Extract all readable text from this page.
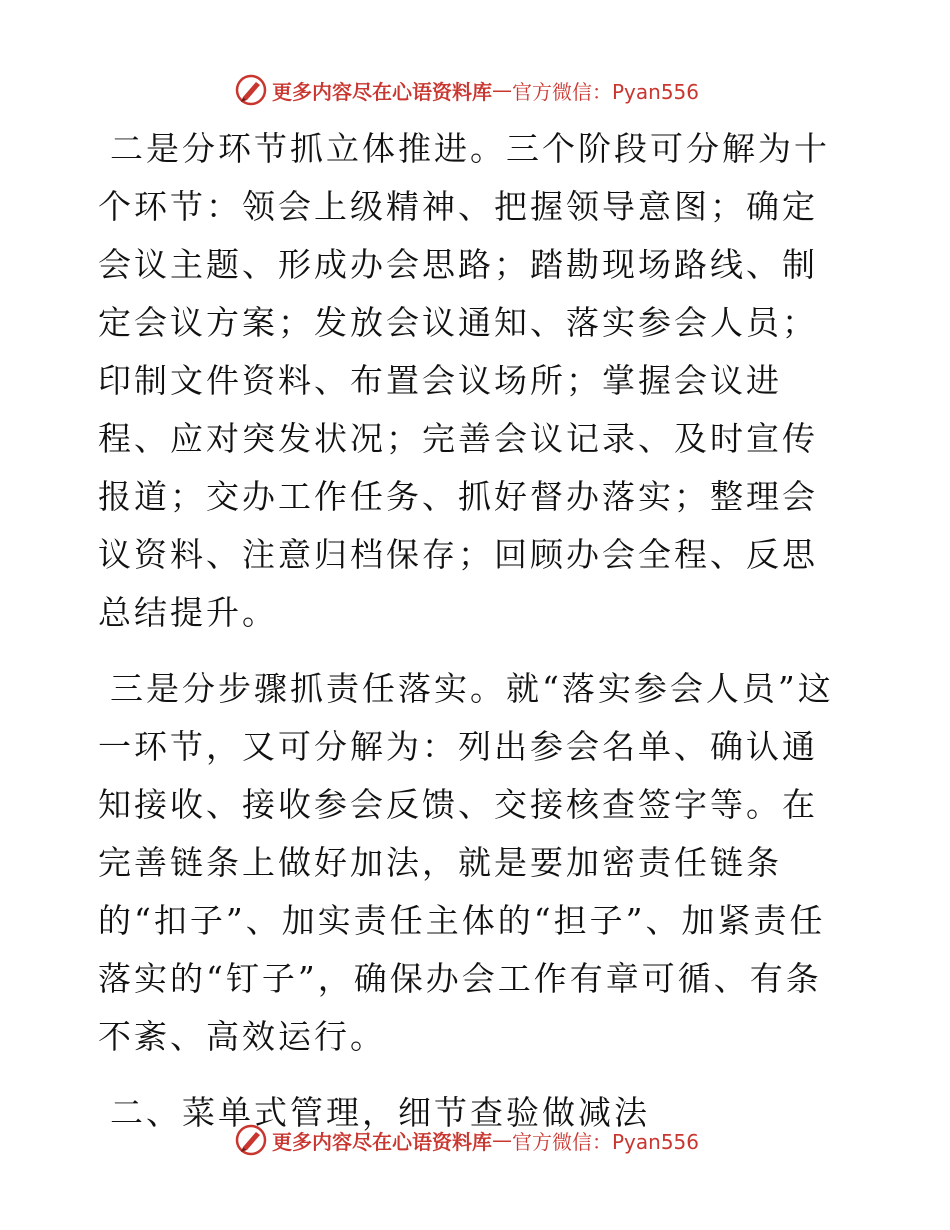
更多内容尽在心语资料库 — 官方微信：Pyan556

二是分环节抓立体推进。三个阶段可分解为十个环节：领会上级精神、把握领导意图；确定会议主题、形成办会思路；踏勘现场路线、制定会议方案；发放会议通知、落实参会人员；印制文件资料、布置会议场所；掌握会议进程、应对突发状况；完善会议记录、及时宣传报道；交办工作任务、抓好督办落实；整理会议资料、注意归档保存；回顾办会全程、反思总结提升。

三是分步骤抓责任落实。就“落实参会人员”这一环节，又可分解为：列出参会名单、确认通知接收、接收参会反馈、交接核查签字等。在完善链条上做好加法，就是要加密责任链条的“扣子”、加实责任主体的“担子”、加紧责任落实的“钉子”，确保办会工作有章可循、有条不紊、高效运行。

二、菜单式管理，细节查验做减法

更多内容尽在心语资料库 — 官方微信：Pyan556
